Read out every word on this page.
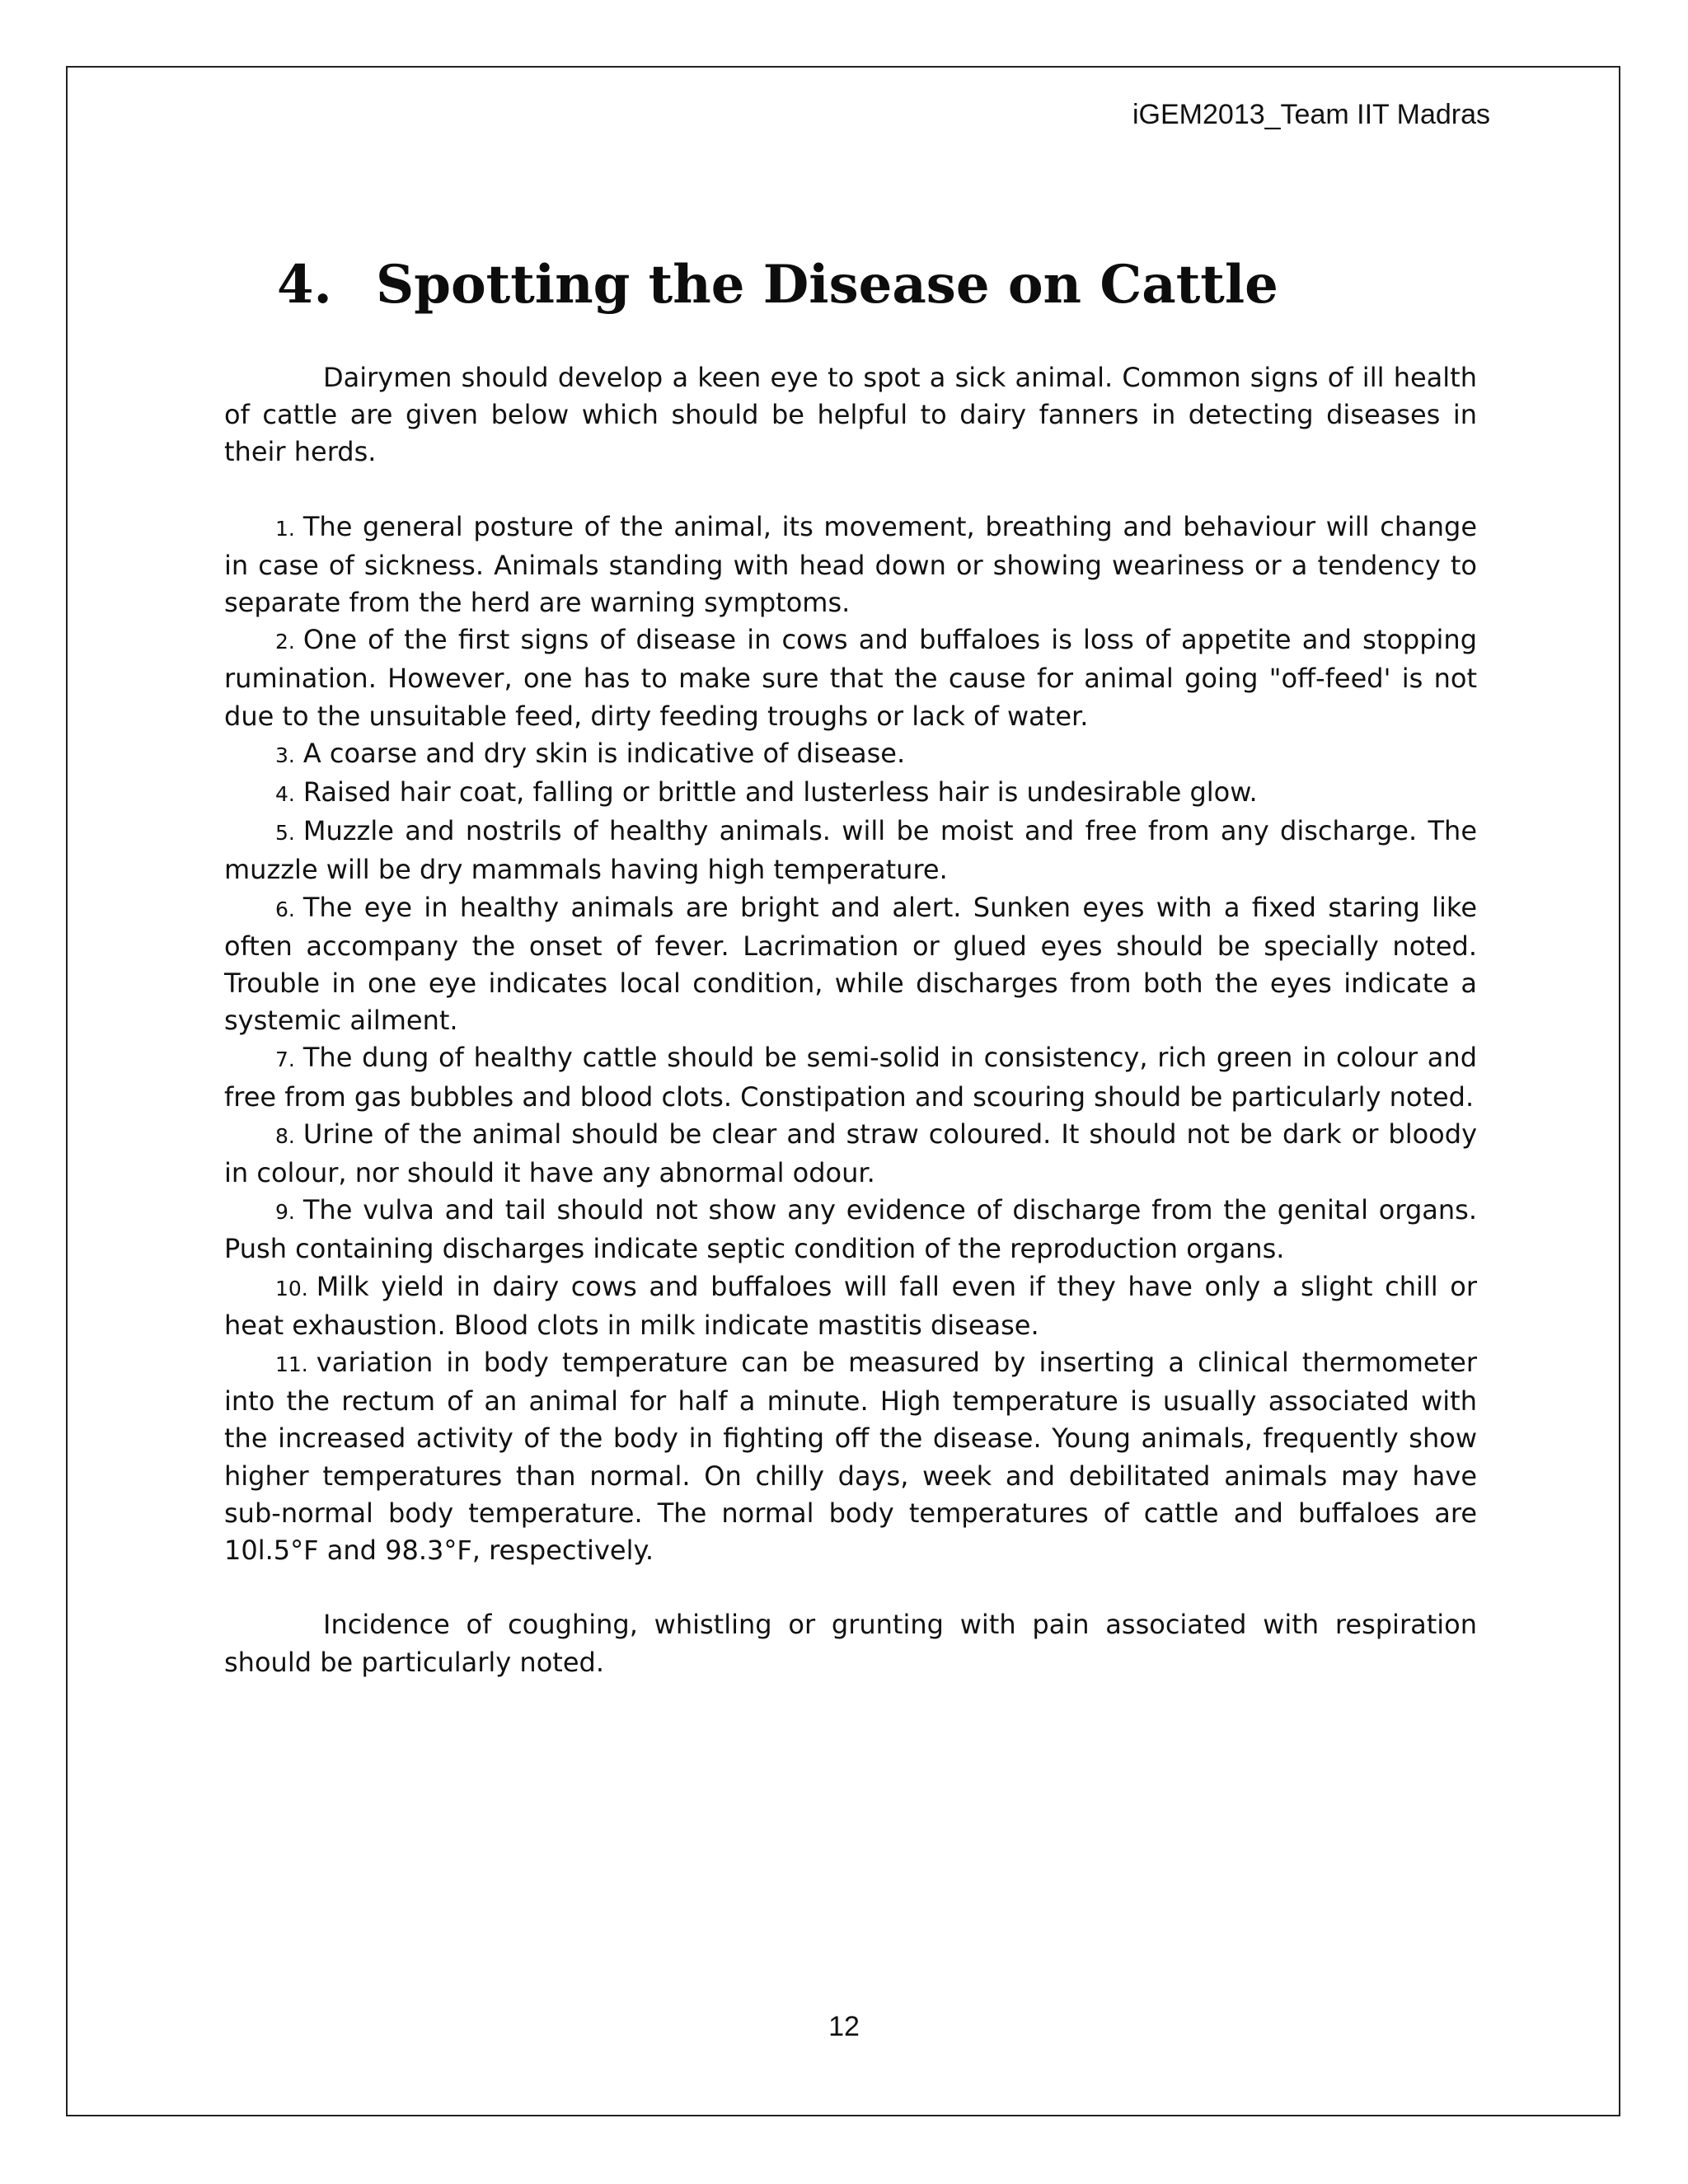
iGEM2013_Team IIT Madras
4. Spotting the Disease on Cattle

Dairymen should develop a keen eye to spot a sick animal. Common signs of ill health of cattle are given below which should be helpful to dairy fanners in detecting diseases in their herds.

1. The general posture of the animal, its movement, breathing and behaviour will change in case of sickness. Animals standing with head down or showing weariness or a tendency to separate from the herd are warning symptoms.
2. One of the first signs of disease in cows and buffaloes is loss of appetite and stopping rumination. However, one has to make sure that the cause for animal going "off-feed' is not due to the unsuitable feed, dirty feeding troughs or lack of water.
3. A coarse and dry skin is indicative of disease.
4. Raised hair coat, falling or brittle and lusterless hair is undesirable glow.
5. Muzzle and nostrils of healthy animals. will be moist and free from any discharge. The muzzle will be dry mammals having high temperature.
6. The eye in healthy animals are bright and alert. Sunken eyes with a fixed staring like often accompany the onset of fever. Lacrimation or glued eyes should be specially noted. Trouble in one eye indicates local condition, while discharges from both the eyes indicate a systemic ailment.
7. The dung of healthy cattle should be semi-solid in consistency, rich green in colour and free from gas bubbles and blood clots. Constipation and scouring should be particularly noted.
8. Urine of the animal should be clear and straw coloured. It should not be dark or bloody in colour, nor should it have any abnormal odour.
9. The vulva and tail should not show any evidence of discharge from the genital organs. Push containing discharges indicate septic condition of the reproduction organs.
10. Milk yield in dairy cows and buffaloes will fall even if they have only a slight chill or heat exhaustion. Blood clots in milk indicate mastitis disease.
11. variation in body temperature can be measured by inserting a clinical thermometer into the rectum of an animal for half a minute. High temperature is usually associated with the increased activity of the body in fighting off the disease. Young animals, frequently show higher temperatures than normal. On chilly days, week and debilitated animals may have sub-normal body temperature. The normal body temperatures of cattle and buffaloes are 10l.5°F and 98.3°F, respectively.

Incidence of coughing, whistling or grunting with pain associated with respiration should be particularly noted.

12
